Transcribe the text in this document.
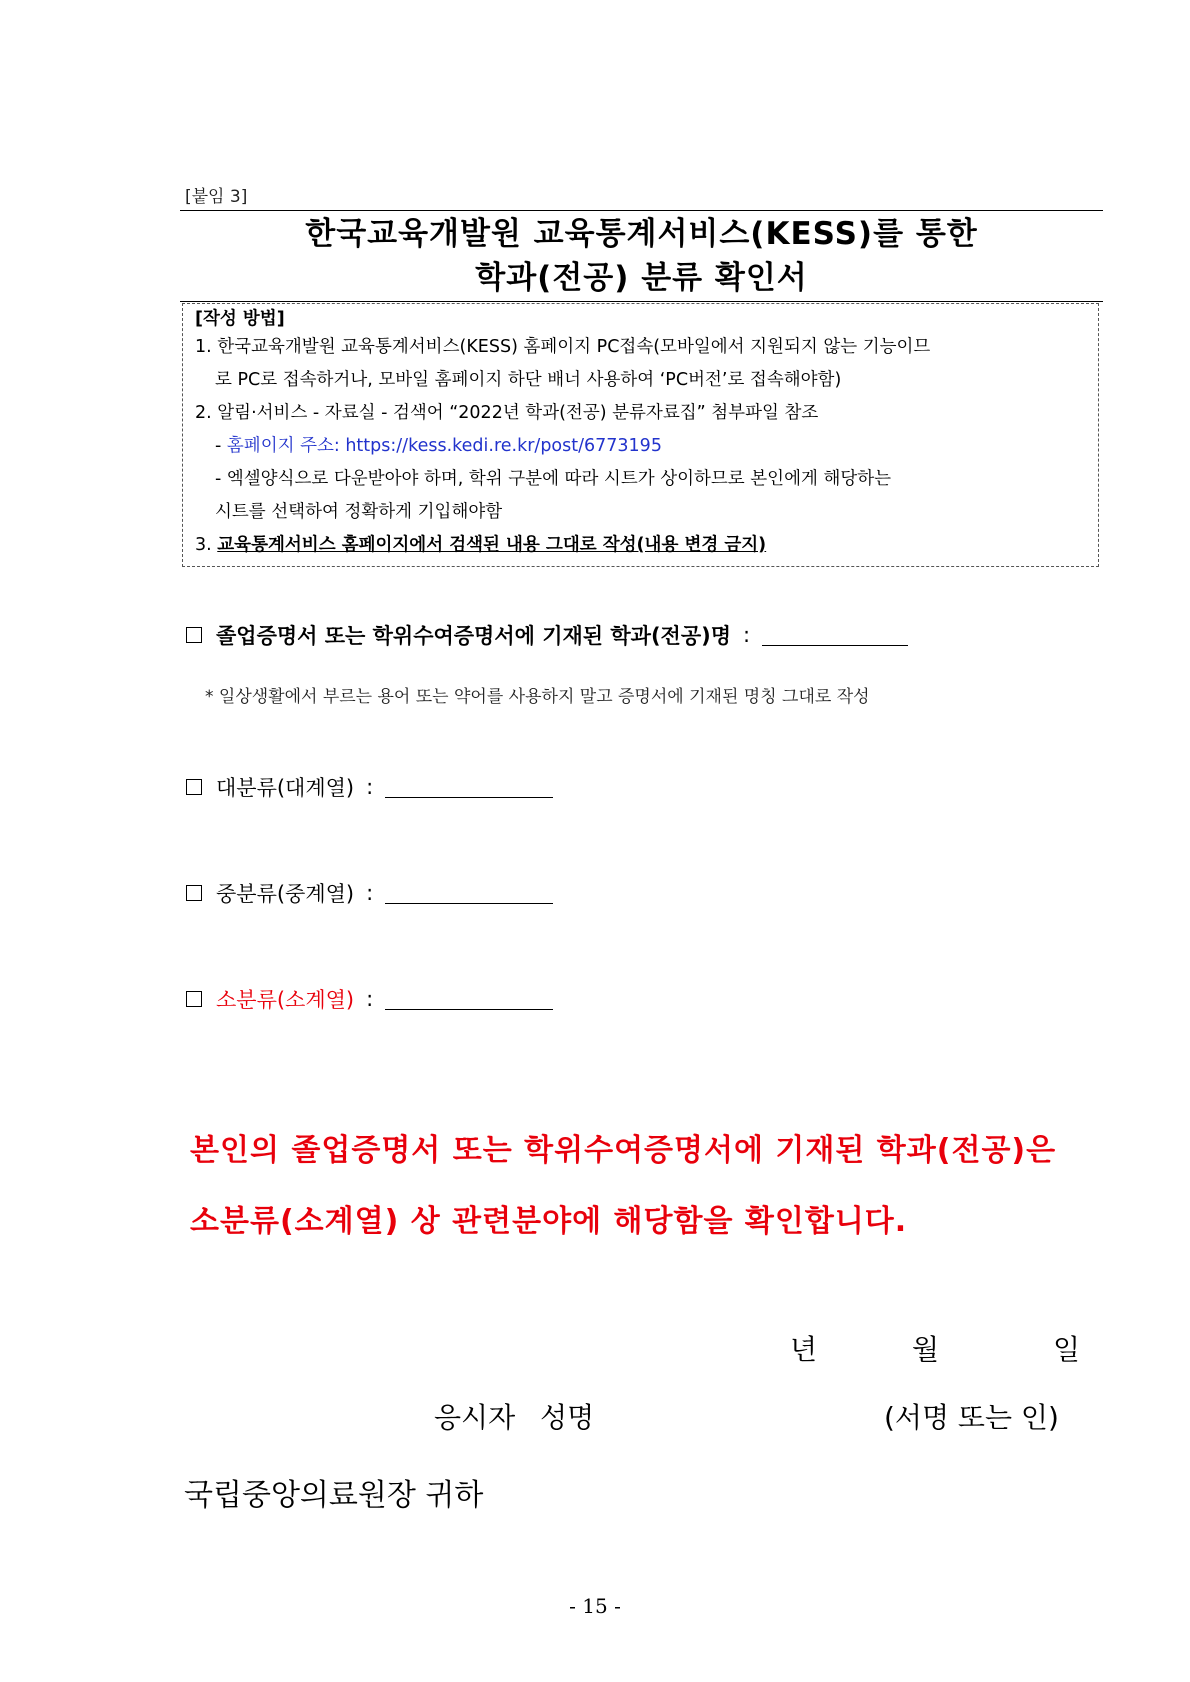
[붙임 3]
한국교육개발원 교육통계서비스(KESS)를 통한
학과(전공) 분류 확인서
[작성 방법]
1. 한국교육개발원 교육통계서비스(KESS) 홈페이지 PC접속(모바일에서 지원되지 않는 기능이므
로 PC로 접속하거나, 모바일 홈페이지 하단 배너 사용하여 ‘PC버전’로 접속해야함)
2. 알림·서비스 - 자료실 - 검색어 “2022년 학과(전공) 분류자료집” 첨부파일 참조
- 홈페이지 주소: https://kess.kedi.re.kr/post/6773195
- 엑셀양식으로 다운받아야 하며, 학위 구분에 따라 시트가 상이하므로 본인에게 해당하는
시트를 선택하여 정확하게 기입해야함
3. 교육통계서비스 홈페이지에서 검색된 내용 그대로 작성(내용 변경 금지)
졸업증명서 또는 학위수여증명서에 기재된 학과(전공)명 :
* 일상생활에서 부르는 용어 또는 약어를 사용하지 말고 증명서에 기재된 명칭 그대로 작성
대분류(대계열) :
중분류(중계열) :
소분류(소계열) :
본인의 졸업증명서 또는 학위수여증명서에 기재된 학과(전공)은
소분류(소계열) 상 관련분야에 해당함을 확인합니다.
년	월	일
응시자 성명	(서명 또는 인)
국립중앙의료원장 귀하
- 15 -
